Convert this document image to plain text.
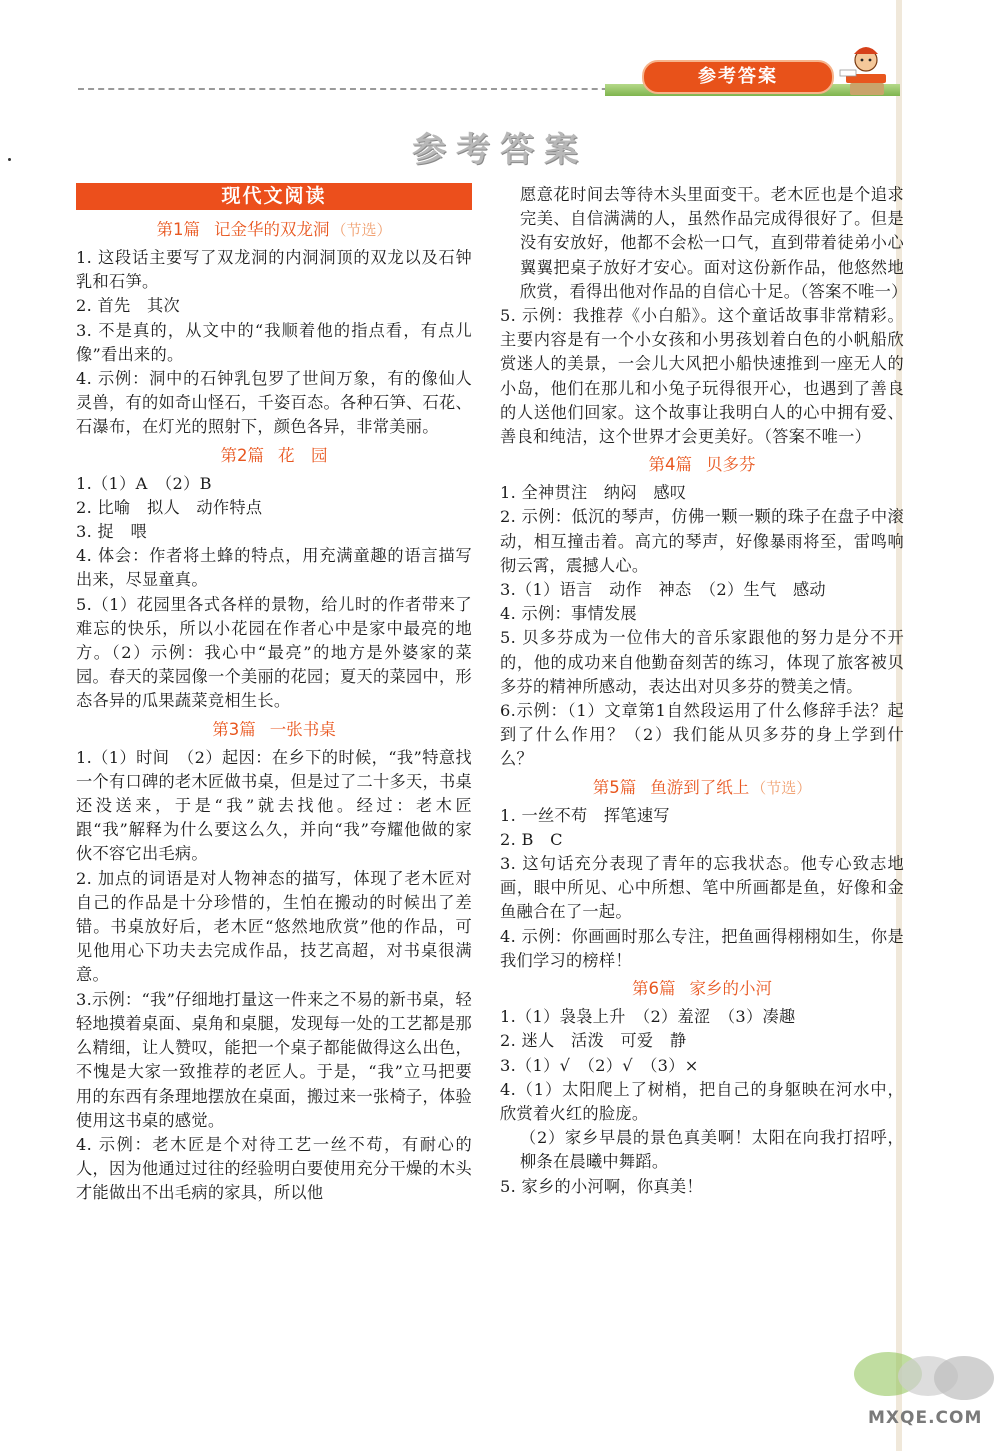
参考答案
参考答案
现代文阅读
第1篇 记金华的双龙洞 （节选）

1. 这段话主要写了双龙洞的内洞洞顶的双龙以及石钟乳和石笋。

2. 首先　其次

3. 不是真的，从文中的“我顺着他的指点看，有点儿像”看出来的。

4. 示例：洞中的石钟乳包罗了世间万象，有的像仙人灵兽，有的如奇山怪石，千姿百态。各种石笋、石花、石瀑布，在灯光的照射下，颜色各异，非常美丽。

第2篇 花　园

1.（1）A　（2）B

2. 比喻　拟人　动作特点

3. 捉　喂

4. 体会：作者将土蜂的特点，用充满童趣的语言描写出来，尽显童真。

5.（1）花园里各式各样的景物，给儿时的作者带来了难忘的快乐，所以小花园在作者心中是家中最亮的地方。（2）示例：我心中“最亮”的地方是外婆家的菜园。春天的菜园像一个美丽的花园；夏天的菜园中，形态各异的瓜果蔬菜竞相生长。

第3篇 一张书桌

1.（1）时间　（2）起因：在乡下的时候，“我”特意找一个有口碑的老木匠做书桌，但是过了二十多天，书桌还没送来，于是“我”就去找他。经过：老木匠跟“我”解释为什么要这么久，并向“我”夸耀他做的家伙不容它出毛病。

2. 加点的词语是对人物神态的描写，体现了老木匠对自己的作品是十分珍惜的，生怕在搬动的时候出了差错。书桌放好后，老木匠“悠然地欣赏”他的作品，可见他用心下功夫去完成作品，技艺高超，对书桌很满意。

3.示例：“我”仔细地打量这一件来之不易的新书桌，轻轻地摸着桌面、桌角和桌腿，发现每一处的工艺都是那么精细，让人赞叹，能把一个桌子都能做得这么出色，不愧是大家一致推荐的老匠人。于是，“我”立马把要用的东西有条理地摆放在桌面，搬过来一张椅子，体验使用这书桌的感觉。

4. 示例：老木匠是个对待工艺一丝不苟，有耐心的人，因为他通过过往的经验明白要使用充分干燥的木头才能做出不出毛病的家具，所以他

愿意花时间去等待木头里面变干。老木匠也是个追求完美、自信满满的人，虽然作品完成得很好了。但是没有安放好，他都不会松一口气，直到带着徒弟小心翼翼把桌子放好才安心。面对这份新作品，他悠然地欣赏，看得出他对作品的自信心十足。（答案不唯一）

5. 示例：我推荐《小白船》。这个童话故事非常精彩。主要内容是有一个小女孩和小男孩划着白色的小帆船欣赏迷人的美景，一会儿大风把小船快速推到一座无人的小岛，他们在那儿和小兔子玩得很开心，也遇到了善良的人送他们回家。这个故事让我明白人的心中拥有爱、善良和纯洁，这个世界才会更美好。（答案不唯一）

第4篇 贝多芬

1. 全神贯注　纳闷　感叹

2. 示例：低沉的琴声，仿佛一颗一颗的珠子在盘子中滚动，相互撞击着。高亢的琴声，好像暴雨将至，雷鸣响彻云霄，震撼人心。

3.（1）语言　动作　神态　（2）生气　感动

4. 示例：事情发展

5. 贝多芬成为一位伟大的音乐家跟他的努力是分不开的，他的成功来自他勤奋刻苦的练习，体现了旅客被贝多芬的精神所感动，表达出对贝多芬的赞美之情。

6.示例：（1）文章第1自然段运用了什么修辞手法？起到了什么作用？（2）我们能从贝多芬的身上学到什么？

第5篇 鱼游到了纸上 （节选）

1. 一丝不苟　挥笔速写

2. B　C

3. 这句话充分表现了青年的忘我状态。他专心致志地画，眼中所见、心中所想、笔中所画都是鱼，好像和金鱼融合在了一起。

4. 示例：你画画时那么专注，把鱼画得栩栩如生，你是我们学习的榜样！

第6篇 家乡的小河

1.（1）袅袅上升　（2）羞涩　（3）凑趣

2. 迷人　活泼　可爱　静

3.（1）√　（2）√　（3）×

4.（1）太阳爬上了树梢，把自己的身躯映在河水中，欣赏着火红的脸庞。

（2）家乡早晨的景色真美啊！太阳在向我打招呼，柳条在晨曦中舞蹈。

5. 家乡的小河啊，你真美！

MXQE.COM
